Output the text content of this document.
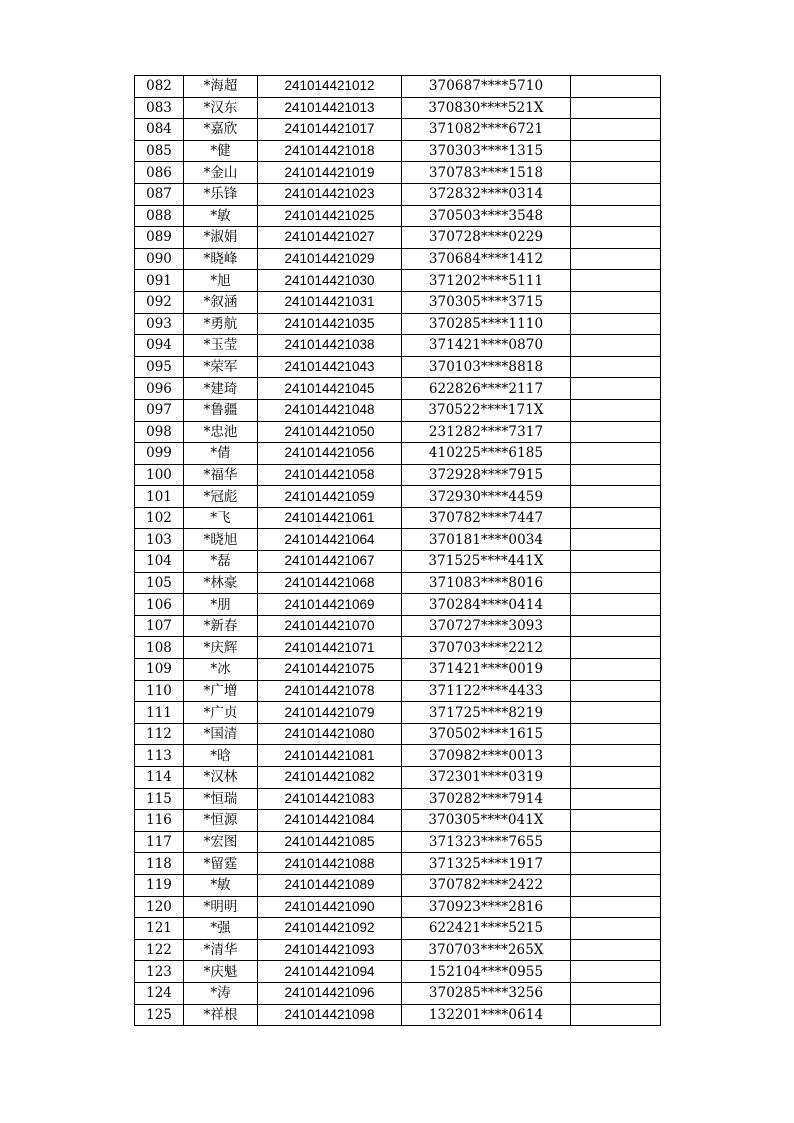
082	*海超	241014421012	370687****5710	
083	*汉东	241014421013	370830****521X	
084	*嘉欣	241014421017	371082****6721	
085	*健	241014421018	370303****1315	
086	*金山	241014421019	370783****1518	
087	*乐锋	241014421023	372832****0314	
088	*敏	241014421025	370503****3548	
089	*淑娟	241014421027	370728****0229	
090	*晓峰	241014421029	370684****1412	
091	*旭	241014421030	371202****5111	
092	*叙涵	241014421031	370305****3715	
093	*勇航	241014421035	370285****1110	
094	*玉莹	241014421038	371421****0870	
095	*荣军	241014421043	370103****8818	
096	*建琦	241014421045	622826****2117	
097	*鲁疆	241014421048	370522****171X	
098	*忠池	241014421050	231282****7317	
099	*倩	241014421056	410225****6185	
100	*福华	241014421058	372928****7915	
101	*冠彪	241014421059	372930****4459	
102	*飞	241014421061	370782****7447	
103	*晓旭	241014421064	370181****0034	
104	*磊	241014421067	371525****441X	
105	*林豪	241014421068	371083****8016	
106	*朋	241014421069	370284****0414	
107	*新春	241014421070	370727****3093	
108	*庆辉	241014421071	370703****2212	
109	*冰	241014421075	371421****0019	
110	*广增	241014421078	371122****4433	
111	*广贞	241014421079	371725****8219	
112	*国清	241014421080	370502****1615	
113	*晗	241014421081	370982****0013	
114	*汉林	241014421082	372301****0319	
115	*恒瑞	241014421083	370282****7914	
116	*恒源	241014421084	370305****041X	
117	*宏图	241014421085	371323****7655	
118	*留霆	241014421088	371325****1917	
119	*敏	241014421089	370782****2422	
120	*明明	241014421090	370923****2816	
121	*强	241014421092	622421****5215	
122	*清华	241014421093	370703****265X	
123	*庆魁	241014421094	152104****0955	
124	*涛	241014421096	370285****3256	
125	*祥根	241014421098	132201****0614	
